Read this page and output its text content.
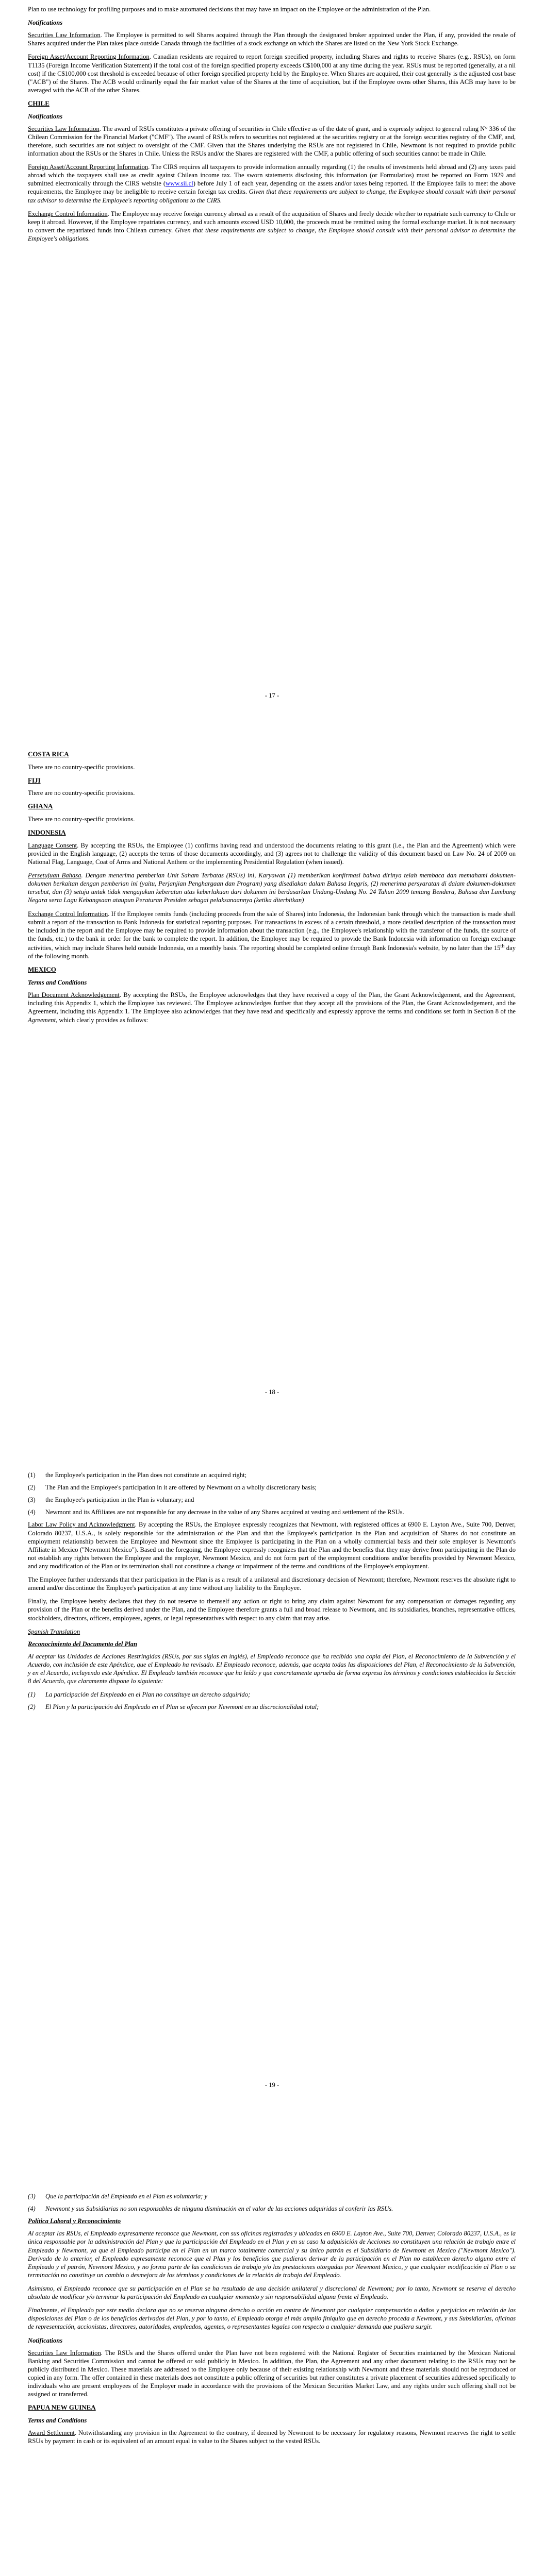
Plan to use technology for profiling purposes and to make automated decisions that may have an impact on the Employee or the administration of the Plan.

Notifications

Securities Law Information. The Employee is permitted to sell Shares acquired through the Plan through the designated broker appointed under the Plan, if any, provided the resale of Shares acquired under the Plan takes place outside Canada through the facilities of a stock exchange on which the Shares are listed on the New York Stock Exchange.

Foreign Asset/Account Reporting Information. Canadian residents are required to report foreign specified property, including Shares and rights to receive Shares (e.g., RSUs), on form T1135 (Foreign Income Verification Statement) if the total cost of the foreign specified property exceeds C$100,000 at any time during the year. RSUs must be reported (generally, at a nil cost) if the C$100,000 cost threshold is exceeded because of other foreign specified property held by the Employee. When Shares are acquired, their cost generally is the adjusted cost base ("ACB") of the Shares. The ACB would ordinarily equal the fair market value of the Shares at the time of acquisition, but if the Employee owns other Shares, this ACB may have to be averaged with the ACB of the other Shares.

CHILE
Notifications

Securities Law Information. The award of RSUs constitutes a private offering of securities in Chile effective as of the date of grant, and is expressly subject to general ruling N° 336 of the Chilean Commission for the Financial Market ("CMF"). The award of RSUs refers to securities not registered at the securities registry or at the foreign securities registry of the CMF, and, therefore, such securities are not subject to oversight of the CMF. Given that the Shares underlying the RSUs are not registered in Chile, Newmont is not required to provide public information about the RSUs or the Shares in Chile. Unless the RSUs and/or the Shares are registered with the CMF, a public offering of such securities cannot be made in Chile.

Foreign Asset/Account Reporting Information. The CIRS requires all taxpayers to provide information annually regarding (1) the results of investments held abroad and (2) any taxes paid abroad which the taxpayers shall use as credit against Chilean income tax. The sworn statements disclosing this information (or Formularios) must be reported on Form 1929 and submitted electronically through the CIRS website (www.sii.cl) before July 1 of each year, depending on the assets and/or taxes being reported. If the Employee fails to meet the above requirements, the Employee may be ineligible to receive certain foreign tax credits. Given that these requirements are subject to change, the Employee should consult with their personal tax advisor to determine the Employee's reporting obligations to the CIRS.

Exchange Control Information. The Employee may receive foreign currency abroad as a result of the acquisition of Shares and freely decide whether to repatriate such currency to Chile or keep it abroad. However, if the Employee repatriates currency, and such amounts exceed USD 10,000, the proceeds must be remitted using the formal exchange market. It is not necessary to convert the repatriated funds into Chilean currency. Given that these requirements are subject to change, the Employee should consult with their personal advisor to determine the Employee's obligations.

- 17 -
COSTA RICA

There are no country-specific provisions.

FIJI

There are no country-specific provisions.

GHANA

There are no country-specific provisions.

INDONESIA

Language Consent. By accepting the RSUs, the Employee (1) confirms having read and understood the documents relating to this grant (i.e., the Plan and the Agreement) which were provided in the English language, (2) accepts the terms of those documents accordingly, and (3) agrees not to challenge the validity of this document based on Law No. 24 of 2009 on National Flag, Language, Coat of Arms and National Anthem or the implementing Presidential Regulation (when issued).

Persetujuan Bahasa. Dengan menerima pemberian Unit Saham Terbatas (RSUs) ini, Karyawan (1) memberikan konfirmasi bahwa dirinya telah membaca dan memahami dokumen-dokumen berkaitan dengan pemberian ini (yaitu, Perjanjian Penghargaan dan Program) yang disediakan dalam Bahasa Inggris, (2) menerima persyaratan di dalam dokumen-dokumen tersebut, dan (3) setuju untuk tidak mengajukan keberatan atas keberlakuan dari dokumen ini berdasarkan Undang-Undang No. 24 Tahun 2009 tentang Bendera, Bahasa dan Lambang Negara serta Lagu Kebangsaan ataupun Peraturan Presiden sebagai pelaksanaannya (ketika diterbitkan)

Exchange Control Information. If the Employee remits funds (including proceeds from the sale of Shares) into Indonesia, the Indonesian bank through which the transaction is made shall submit a report of the transaction to Bank Indonesia for statistical reporting purposes. For transactions in excess of a certain threshold, a more detailed description of the transaction must be included in the report and the Employee may be required to provide information about the transaction (e.g., the Employee's relationship with the transferor of the funds, the source of the funds, etc.) to the bank in order for the bank to complete the report. In addition, the Employee may be required to provide the Bank Indonesia with information on foreign exchange activities, which may include Shares held outside Indonesia, on a monthly basis. The reporting should be completed online through Bank Indonesia's website, by no later than the 15th day of the following month.

MEXICO
Terms and Conditions

Plan Document Acknowledgement. By accepting the RSUs, the Employee acknowledges that they have received a copy of the Plan, the Grant Acknowledgement, and the Agreement, including this Appendix 1, which the Employee has reviewed. The Employee acknowledges further that they accept all the provisions of the Plan, the Grant Acknowledgement, and the Agreement, including this Appendix 1. The Employee also acknowledges that they have read and specifically and expressly approve the terms and conditions set forth in Section 8 of the Agreement, which clearly provides as follows:

- 18 -
(1)	the Employee's participation in the Plan does not constitute an acquired right;
(2)	The Plan and the Employee's participation in it are offered by Newmont on a wholly discretionary basis;
(3)	the Employee's participation in the Plan is voluntary; and
(4)	Newmont and its Affiliates are not responsible for any decrease in the value of any Shares acquired at vesting and settlement of the RSUs.

Labor Law Policy and Acknowledgment. By accepting the RSUs, the Employee expressly recognizes that Newmont, with registered offices at 6900 E. Layton Ave., Suite 700, Denver, Colorado 80237, U.S.A., is solely responsible for the administration of the Plan and that the Employee's participation in the Plan and acquisition of Shares do not constitute an employment relationship between the Employee and Newmont since the Employee is participating in the Plan on a wholly commercial basis and their sole employer is Newmont's Affiliate in Mexico ("Newmont Mexico"). Based on the foregoing, the Employee expressly recognizes that the Plan and the benefits that they may derive from participating in the Plan do not establish any rights between the Employee and the employer, Newmont Mexico, and do not form part of the employment conditions and/or benefits provided by Newmont Mexico, and any modification of the Plan or its termination shall not constitute a change or impairment of the terms and conditions of the Employee's employment.

The Employee further understands that their participation in the Plan is as a result of a unilateral and discretionary decision of Newmont; therefore, Newmont reserves the absolute right to amend and/or discontinue the Employee's participation at any time without any liability to the Employee.

Finally, the Employee hereby declares that they do not reserve to themself any action or right to bring any claim against Newmont for any compensation or damages regarding any provision of the Plan or the benefits derived under the Plan, and the Employee therefore grants a full and broad release to Newmont, and its subsidiaries, branches, representative offices, stockholders, directors, officers, employees, agents, or legal representatives with respect to any claim that may arise.

Spanish Translation
Reconocimiento del Documento del Plan

Al aceptar las Unidades de Acciones Restringidas (RSUs, por sus siglas en inglés), el Empleado reconoce que ha recibido una copia del Plan, el Reconocimiento de la Subvención y el Acuerdo, con inclusión de este Apéndice, que el Empleado ha revisado. El Empleado reconoce, además, que acepta todas las disposiciones del Plan, el Reconocimiento de la Subvención, y en el Acuerdo, incluyendo este Apéndice. El Empleado también reconoce que ha leído y que concretamente aprueba de forma expresa los términos y condiciones establecidos la Sección 8 del Acuerdo, que claramente dispone lo siguiente:

(1)	La participación del Empleado en el Plan no constituye un derecho adquirido;
(2)	El Plan y la participación del Empleado en el Plan se ofrecen por Newmont en su discrecionalidad total;
- 19 -
(3)	Que la participación del Empleado en el Plan es voluntaria; y
(4)	Newmont y sus Subsidiarias no son responsables de ninguna disminución en el valor de las acciones adquiridas al conferir las RSUs.
Política Laboral y Reconocimiento

Al aceptar las RSUs, el Empleado expresamente reconoce que Newmont, con sus oficinas registradas y ubicadas en 6900 E. Layton Ave., Suite 700, Denver, Colorado 80237, U.S.A., es la única responsable por la administración del Plan y que la participación del Empleado en el Plan y en su caso la adquisición de Acciones no constituyen una relación de trabajo entre el Empleado y Newmont, ya que el Empleado participa en el Plan en un marco totalmente comercial y su único patrón es el Subsidiario de Newmont en Mexico ("Newmont Mexico"). Derivado de lo anterior, el Empleado expresamente reconoce que el Plan y los beneficios que pudieran derivar de la participación en el Plan no establecen derecho alguno entre el Empleado y el patrón, Newmont Mexico, y no forma parte de las condiciones de trabajo y/o las prestaciones otorgadas por Newmont Mexico, y que cualquier modificación al Plan o su terminación no constituye un cambio o desmejora de los términos y condiciones de la relación de trabajo del Empleado.

Asimismo, el Empleado reconoce que su participación en el Plan se ha resultado de una decisión unilateral y discrecional de Newmont; por lo tanto, Newmont se reserva el derecho absoluto de modificar y/o terminar la participación del Empleado en cualquier momento y sin responsabilidad alguna frente el Empleado.

Finalmente, el Empleado por este medio declara que no se reserva ninguna derecho o acción en contra de Newmont por cualquier compensación o daños y perjuicios en relación de las disposiciones del Plan o de los beneficios derivados del Plan, y por lo tanto, el Empleado otorga el más amplio finiquito que en derecho proceda a Newmont, y sus Subsidiarias, oficinas de representación, accionistas, directores, autoridades, empleados, agentes, o representantes legales con respecto a cualquier demanda que pudiera surgir.

Notifications

Securities Law Information. The RSUs and the Shares offered under the Plan have not been registered with the National Register of Securities maintained by the Mexican National Banking and Securities Commission and cannot be offered or sold publicly in Mexico. In addition, the Plan, the Agreement and any other document relating to the RSUs may not be publicly distributed in Mexico. These materials are addressed to the Employee only because of their existing relationship with Newmont and these materials should not be reproduced or copied in any form. The offer contained in these materials does not constitute a public offering of securities but rather constitutes a private placement of securities addressed specifically to individuals who are present employees of the Employer made in accordance with the provisions of the Mexican Securities Market Law, and any rights under such offering shall not be assigned or transferred.

PAPUA NEW GUINEA
Terms and Conditions

Award Settlement. Notwithstanding any provision in the Agreement to the contrary, if deemed by Newmont to be necessary for regulatory reasons, Newmont reserves the right to settle RSUs by payment in cash or its equivalent of an amount equal in value to the Shares subject to the vested RSUs.
